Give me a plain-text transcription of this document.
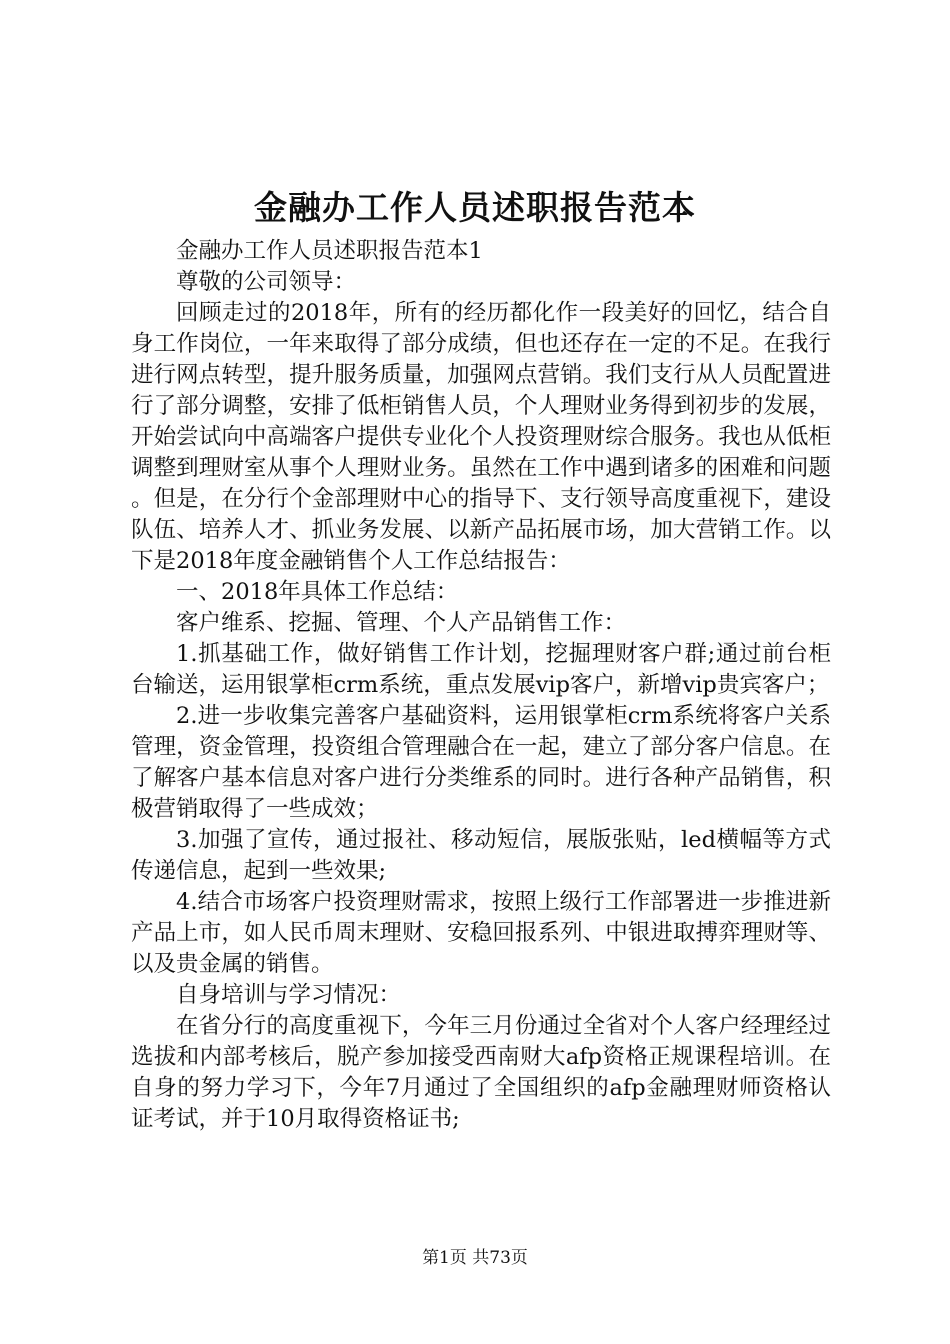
金融办工作人员述职报告范本

金融办工作人员述职报告范本1

尊敬的公司领导：

回顾走过的2018年，所有的经历都化作一段美好的回忆，结合自身工作岗位，一年来取得了部分成绩，但也还存在一定的不足。在我行进行网点转型，提升服务质量，加强网点营销。我们支行从人员配置进行了部分调整，安排了低柜销售人员，个人理财业务得到初步的发展，开始尝试向中高端客户提供专业化个人投资理财综合服务。我也从低柜调整到理财室从事个人理财业务。虽然在工作中遇到诸多的困难和问题。但是，在分行个金部理财中心的指导下、支行领导高度重视下，建设队伍、培养人才、抓业务发展、以新产品拓展市场，加大营销工作。以下是2018年度金融销售个人工作总结报告：

一、2018年具体工作总结：

客户维系、挖掘、管理、个人产品销售工作：

1.抓基础工作，做好销售工作计划，挖掘理财客户群;通过前台柜台输送，运用银掌柜crm系统，重点发展vip客户，新增vip贵宾客户；

2.进一步收集完善客户基础资料，运用银掌柜crm系统将客户关系管理，资金管理，投资组合管理融合在一起，建立了部分客户信息。在了解客户基本信息对客户进行分类维系的同时。进行各种产品销售，积极营销取得了一些成效；

3.加强了宣传，通过报社、移动短信，展版张贴，led横幅等方式传递信息，起到一些效果;

4.结合市场客户投资理财需求，按照上级行工作部署进一步推进新产品上市，如人民币周末理财、安稳回报系列、中银进取搏弈理财等、以及贵金属的销售。

自身培训与学习情况：

在省分行的高度重视下，今年三月份通过全省对个人客户经理经过选拔和内部考核后，脱产参加接受西南财大afp资格正规课程培训。在自身的努力学习下，今年7月通过了全国组织的afp金融理财师资格认证考试，并于10月取得资格证书;

第1页 共73页
